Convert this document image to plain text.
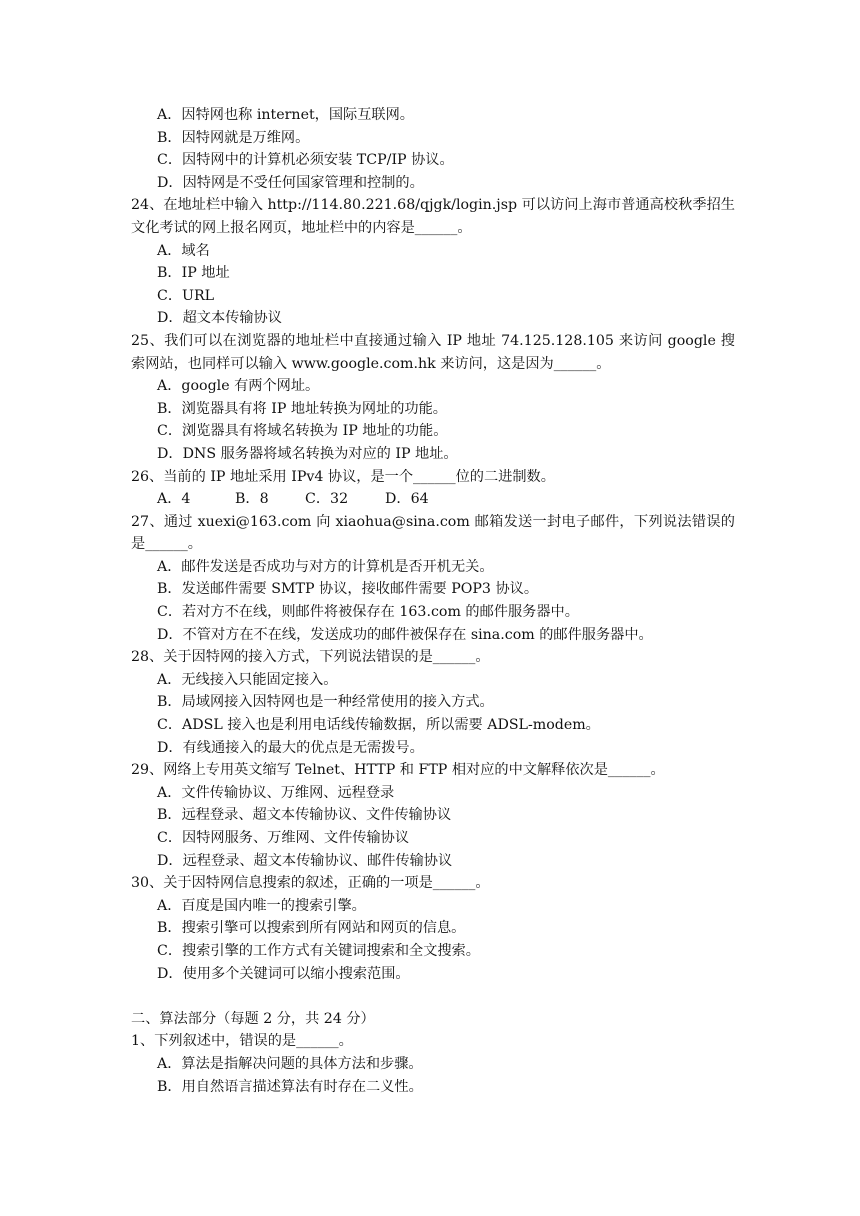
A．因特网也称 internet，国际互联网。

B．因特网就是万维网。

C．因特网中的计算机必须安装 TCP/IP 协议。

D．因特网是不受任何国家管理和控制的。

24、在地址栏中输入 http://114.80.221.68/qjgk/login.jsp 可以访问上海市普通高校秋季招生文化考试的网上报名网页，地址栏中的内容是______。

A．域名

B．IP 地址

C．URL

D．超文本传输协议

25、我们可以在浏览器的地址栏中直接通过输入 IP 地址 74.125.128.105 来访问 google 搜索网站，也同样可以输入 www.google.com.hk 来访问，这是因为______。

A．google 有两个网址。

B．浏览器具有将 IP 地址转换为网址的功能。

C．浏览器具有将域名转换为 IP 地址的功能。

D．DNS 服务器将域名转换为对应的 IP 地址。

26、当前的 IP 地址采用 IPv4 协议，是一个______位的二进制数。

A．4	B．8	C．32	D．64

27、通过 xuexi@163.com 向 xiaohua@sina.com 邮箱发送一封电子邮件，下列说法错误的是______。

A．邮件发送是否成功与对方的计算机是否开机无关。

B．发送邮件需要 SMTP 协议，接收邮件需要 POP3 协议。

C．若对方不在线，则邮件将被保存在 163.com 的邮件服务器中。

D．不管对方在不在线，发送成功的邮件被保存在 sina.com 的邮件服务器中。

28、关于因特网的接入方式，下列说法错误的是______。

A．无线接入只能固定接入。

B．局域网接入因特网也是一种经常使用的接入方式。

C．ADSL 接入也是利用电话线传输数据，所以需要 ADSL-modem。

D．有线通接入的最大的优点是无需拨号。

29、网络上专用英文缩写 Telnet、HTTP 和 FTP 相对应的中文解释依次是______。

A．文件传输协议、万维网、远程登录

B．远程登录、超文本传输协议、文件传输协议

C．因特网服务、万维网、文件传输协议

D．远程登录、超文本传输协议、邮件传输协议

30、关于因特网信息搜索的叙述，正确的一项是______。

A．百度是国内唯一的搜索引擎。

B．搜索引擎可以搜索到所有网站和网页的信息。

C．搜索引擎的工作方式有关键词搜索和全文搜索。

D．使用多个关键词可以缩小搜索范围。

二、算法部分（每题 2 分，共 24 分）

1、下列叙述中，错误的是______。

A．算法是指解决问题的具体方法和步骤。

B．用自然语言描述算法有时存在二义性。
